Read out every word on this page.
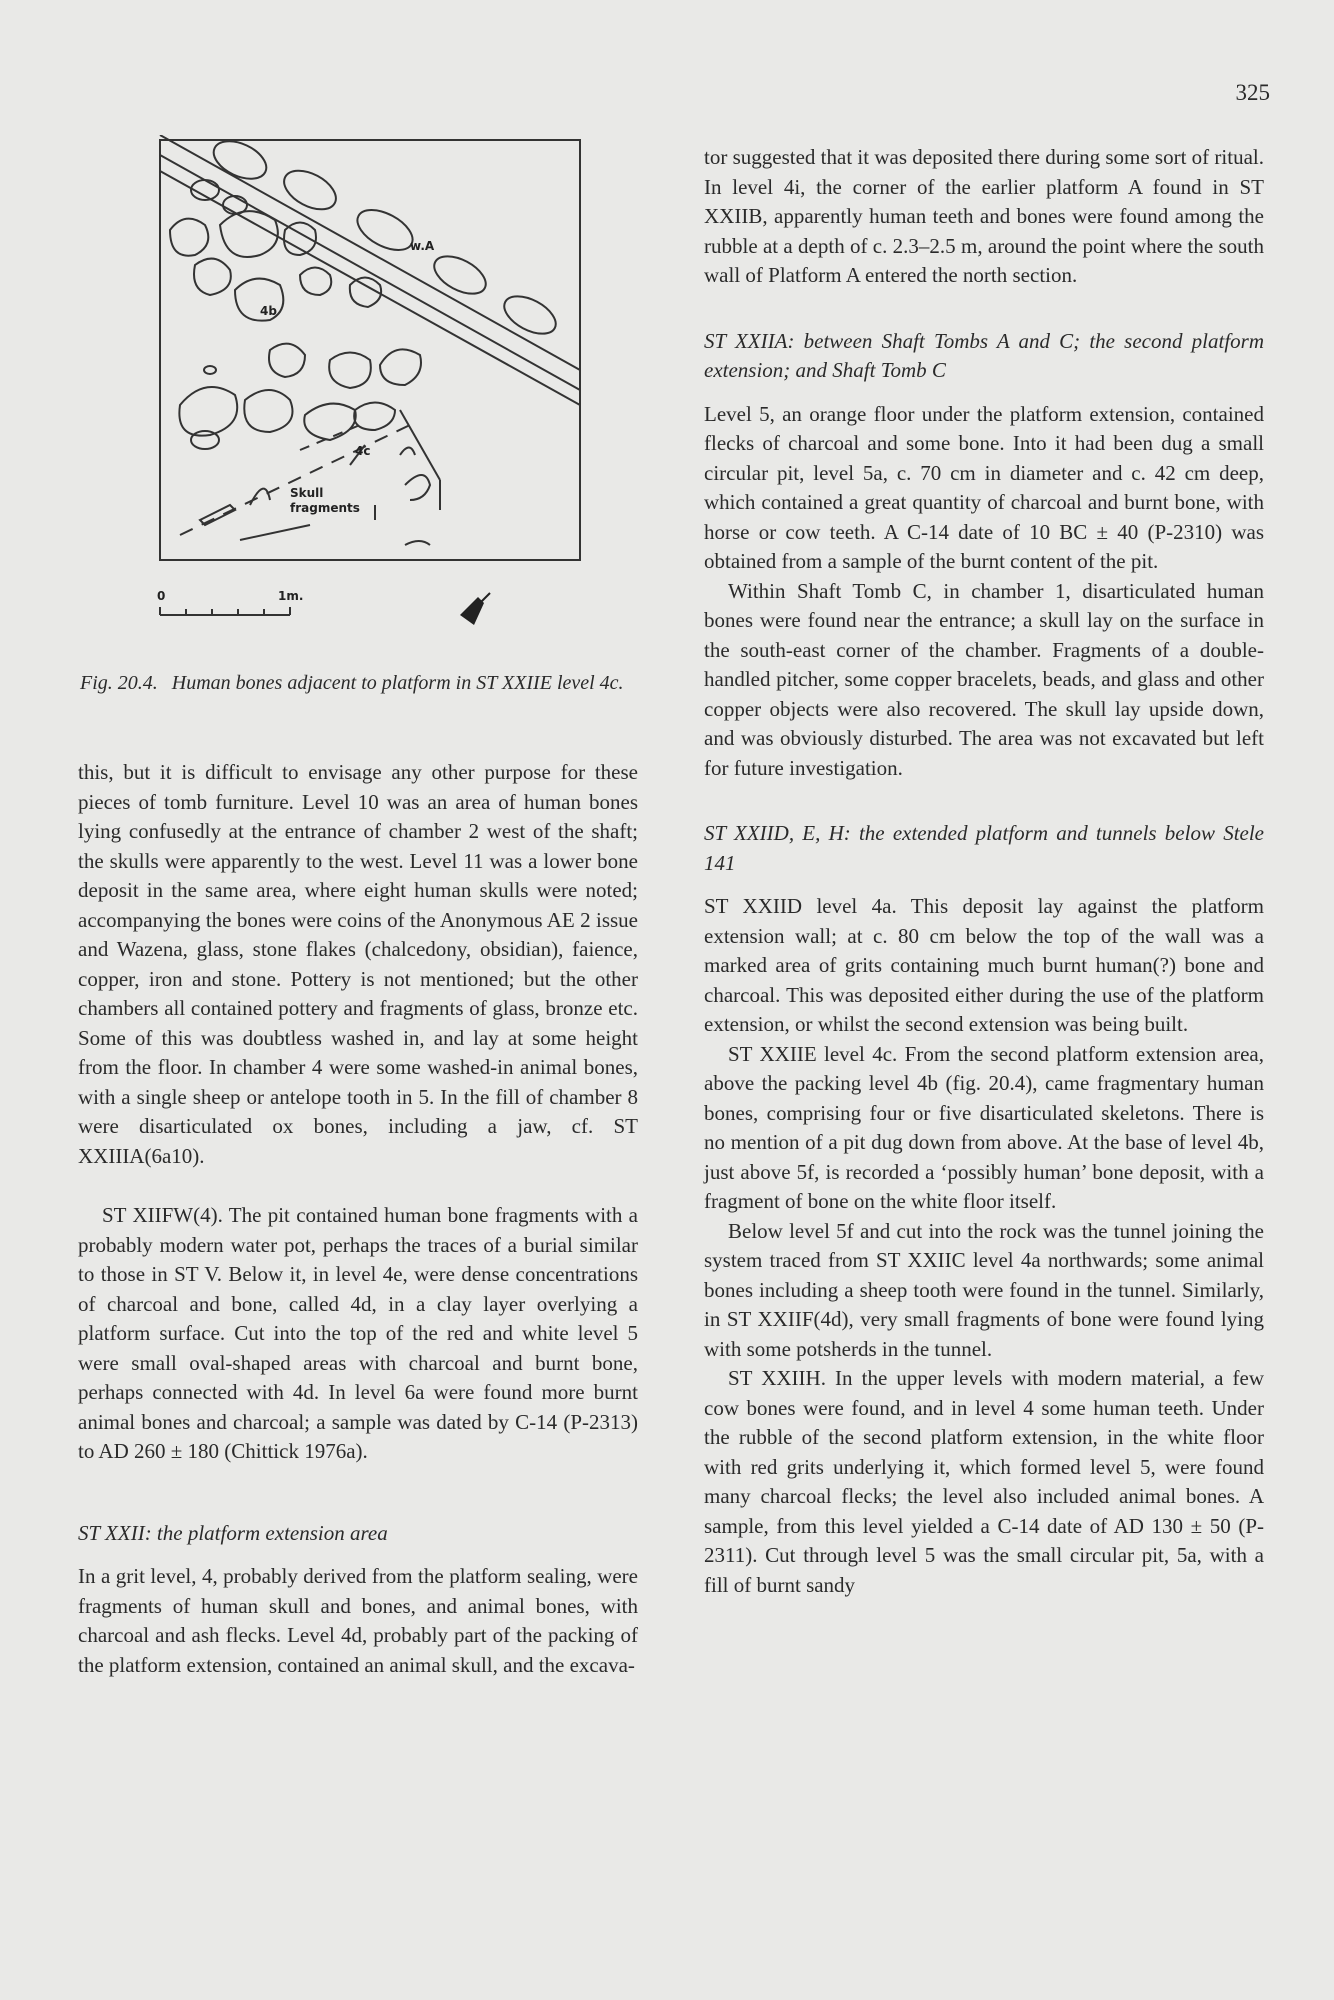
325
w.A
4b
4c
Skull
fragments
0	1m.
Fig. 20.4. Human bones adjacent to platform in ST XXIIE level 4c.

this, but it is difficult to envisage any other purpose for these pieces of tomb furniture. Level 10 was an area of human bones lying confusedly at the entrance of chamber 2 west of the shaft; the skulls were apparently to the west. Level 11 was a lower bone deposit in the same area, where eight human skulls were noted; accompanying the bones were coins of the Anonymous AE 2 issue and Wazena, glass, stone flakes (chalcedony, obsidian), faience, copper, iron and stone. Pottery is not mentioned; but the other chambers all contained pottery and fragments of glass, bronze etc. Some of this was doubtless washed in, and lay at some height from the floor. In chamber 4 were some washed-in animal bones, with a single sheep or antelope tooth in 5. In the fill of chamber 8 were disarticulated ox bones, including a jaw, cf. ST XXIIIA(6a10).

ST XIIFW(4). The pit contained human bone fragments with a probably modern water pot, perhaps the traces of a burial similar to those in ST V. Below it, in level 4e, were dense concentrations of charcoal and bone, called 4d, in a clay layer overlying a platform surface. Cut into the top of the red and white level 5 were small oval-shaped areas with charcoal and burnt bone, perhaps connected with 4d. In level 6a were found more burnt animal bones and charcoal; a sample was dated by C-14 (P-2313) to AD 260 ± 180 (Chittick 1976a).

ST XXII: the platform extension area

In a grit level, 4, probably derived from the platform sealing, were fragments of human skull and bones, and animal bones, with charcoal and ash flecks. Level 4d, probably part of the packing of the platform extension, contained an animal skull, and the excava-

tor suggested that it was deposited there during some sort of ritual. In level 4i, the corner of the earlier platform A found in ST XXIIB, apparently human teeth and bones were found among the rubble at a depth of c. 2.3–2.5 m, around the point where the south wall of Platform A entered the north section.

ST XXIIA: between Shaft Tombs A and C; the second platform extension; and Shaft Tomb C

Level 5, an orange floor under the platform extension, contained flecks of charcoal and some bone. Into it had been dug a small circular pit, level 5a, c. 70 cm in diameter and c. 42 cm deep, which contained a great quantity of charcoal and burnt bone, with horse or cow teeth. A C-14 date of 10 BC ± 40 (P-2310) was obtained from a sample of the burnt content of the pit.

Within Shaft Tomb C, in chamber 1, disarticulated human bones were found near the entrance; a skull lay on the surface in the south-east corner of the chamber. Fragments of a double-handled pitcher, some copper bracelets, beads, and glass and other copper objects were also recovered. The skull lay upside down, and was obviously disturbed. The area was not excavated but left for future investigation.

ST XXIID, E, H: the extended platform and tunnels below Stele 141

ST XXIID level 4a. This deposit lay against the platform extension wall; at c. 80 cm below the top of the wall was a marked area of grits containing much burnt human(?) bone and charcoal. This was deposited either during the use of the platform extension, or whilst the second extension was being built.

ST XXIIE level 4c. From the second platform extension area, above the packing level 4b (fig. 20.4), came fragmentary human bones, comprising four or five disarticulated skeletons. There is no mention of a pit dug down from above. At the base of level 4b, just above 5f, is recorded a ‘possibly human’ bone deposit, with a fragment of bone on the white floor itself.

Below level 5f and cut into the rock was the tunnel joining the system traced from ST XXIIC level 4a northwards; some animal bones including a sheep tooth were found in the tunnel. Similarly, in ST XXIIF(4d), very small fragments of bone were found lying with some potsherds in the tunnel.

ST XXIIH. In the upper levels with modern material, a few cow bones were found, and in level 4 some human teeth. Under the rubble of the second platform extension, in the white floor with red grits underlying it, which formed level 5, were found many charcoal flecks; the level also included animal bones. A sample, from this level yielded a C-14 date of AD 130 ± 50 (P-2311). Cut through level 5 was the small circular pit, 5a, with a fill of burnt sandy
